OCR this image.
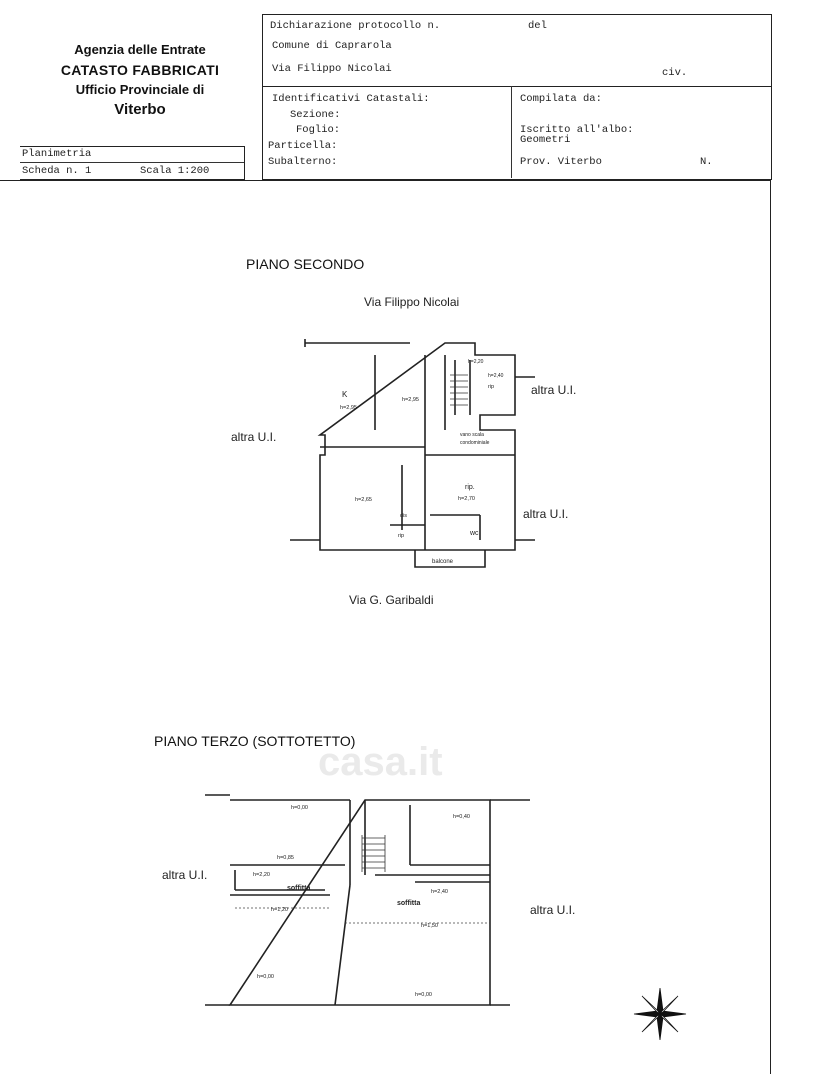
Agenzia delle Entrate
CATASTO FABBRICATI
Ufficio Provinciale di
Viterbo
Planimetria
Scheda n. 1	Scala 1:200
Dichiarazione protocollo n.	del
Comune di Caprarola
Via Filippo Nicolai	civ.
Identificativi Catastali:
Sezione:
Foglio:
Particella:
Subalterno:
Compilata da:
Iscritto all'albo:
Geometri
Prov. Viterbo	N.
PIANO SECONDO
Via Filippo Nicolai
altra U.I.
altra U.I.
altra U.I.
Via G. Garibaldi
K
h=2,95
h=2,95
h=2,20
h=2,40
rip
vano scala
condominiale
h=2,65
rip.
h=2,70
dis
rip	wc
balcone
PIANO TERZO (SOTTOTETTO)
altra U.I.
altra U.I.
h=0,00
h=0,40
h=0,85
h=2,20
soffitta	h=2,40
soffitta
h=1,20
h=1,50
h=0,00
h=0,00
casa.it
